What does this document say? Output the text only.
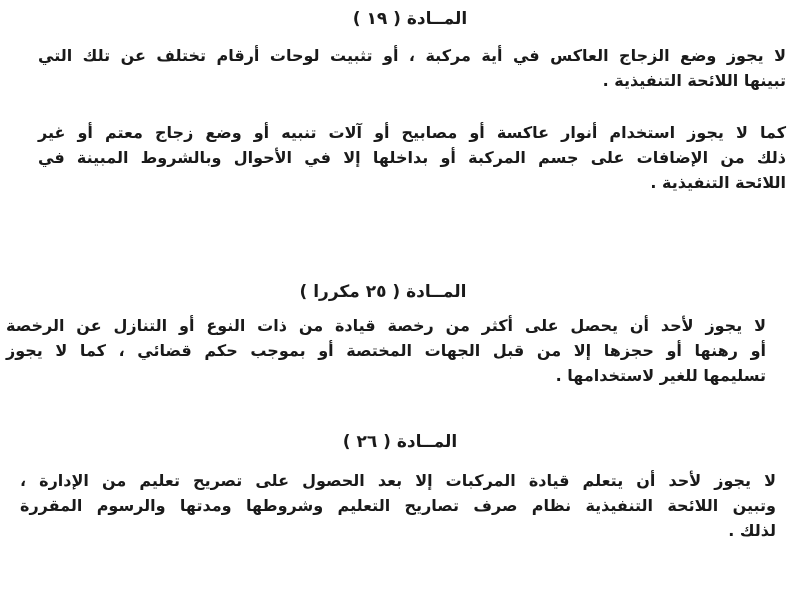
المــادة ( ١٩ )
لا يجوز وضع الزجاج العاكس في أية مركبة ، أو تثبيت لوحات أرقام تختلف عن تلك التي
تبينها اللائحة التنفيذية .
كما لا يجوز استخدام أنوار عاكسة أو مصابيح أو آلات تنبيه أو وضع زجاج معتم أو غير
ذلك من الإضافات على جسم المركبة أو بداخلها إلا في الأحوال وبالشروط المبينة في
اللائحة التنفيذية .
المــادة ( ٢٥ مكررا )
لا يجوز لأحد أن يحصل على أكثر من رخصة قيادة من ذات النوع أو التنازل عن الرخصة
أو رهنها أو حجزها إلا من قبل الجهات المختصة أو بموجب حكم قضائي ، كما لا يجوز
تسليمها للغير لاستخدامها .
المــادة ( ٢٦ )
لا يجوز لأحد أن يتعلم قيادة المركبات إلا بعد الحصول على تصريح تعليم من الإدارة ،
وتبين اللائحة التنفيذية نظام صرف تصاريح التعليم وشروطها ومدتها والرسوم المقررة
لذلك .
